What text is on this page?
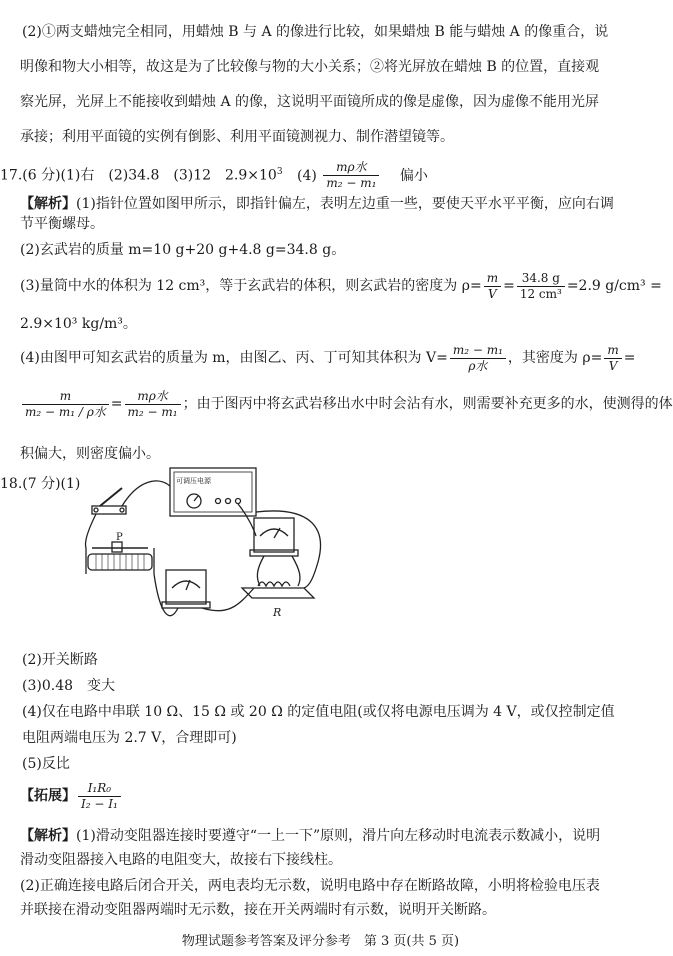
(2)①两支蜡烛完全相同，用蜡烛 B 与 A 的像进行比较，如果蜡烛 B 能与蜡烛 A 的像重合，说
明像和物大小相等，故这是为了比较像与物的大小关系；②将光屏放在蜡烛 B 的位置，直接观
察光屏，光屏上不能接收到蜡烛 A 的像，这说明平面镜所成的像是虚像，因为虚像不能用光屏
承接；利用平面镜的实例有倒影、利用平面镜测视力、制作潜望镜等。
17.(6 分)(1)右　(2)34.8　(3)12　$2.9\times 10^3$ $(4) \frac{\text{mρ水}}{\text{m₂ − m₁}}$ 偏小
【解析】(1)指针位置如图甲所示，即指针偏左，表明左边重一些，要使天平水平平衡，应向右调
节平衡螺母。
(2)玄武岩的质量 m=10 g+20 g+4.8 g=34.8 g。
(3)量筒中水的体积为 12 cm³，等于玄武岩的体积，则玄武岩的密度为 $\rho= \frac{m}{V} = \frac{34.8 g}{\text{12 cm³}} =2.9$ g/cm³ =
2.9×10³ kg/m³。
(4)由图甲可知玄武岩的质量为 m，由图乙、丙、丁可知其体积为 $V= \frac{\text{m₂ − m₁}}{\text{ρ水}}$ ，其密度为 $\rho= \frac{m}{V}$ =
$\frac{m}{\text{m₂ − m₁ / ρ水}} = \frac{\text{mρ水}}{\text{m₂ − m₁}}$ ；由于图丙中将玄武岩移出水中时会沾有水，则需要补充更多的水，使测得的体
积偏大，则密度偏小。
18.(7 分)(1)	可调压电源
P
R
(2)开关断路
(3)0.48　变大
(4)仅在电路中串联 10 Ω、15 Ω 或 20 Ω 的定值电阻(或仅将电源电压调为 4 V，或仅控制定值
电阻两端电压为 2.7 V，合理即可)
(5)反比
【拓展】 $\frac{\text{I₁R₀}}{\text{I₂ − I₁}}$
【解析】(1)滑动变阻器连接时要遵守“一上一下”原则，滑片向左移动时电流表示数减小，说明
滑动变阻器接入电路的电阻变大，故接右下接线柱。
(2)正确连接电路后闭合开关，两电表均无示数，说明电路中存在断路故障，小明将检验电压表
并联接在滑动变阻器两端时无示数，接在开关两端时有示数，说明开关断路。
物理试题参考答案及评分参考　第 3 页(共 5 页)
